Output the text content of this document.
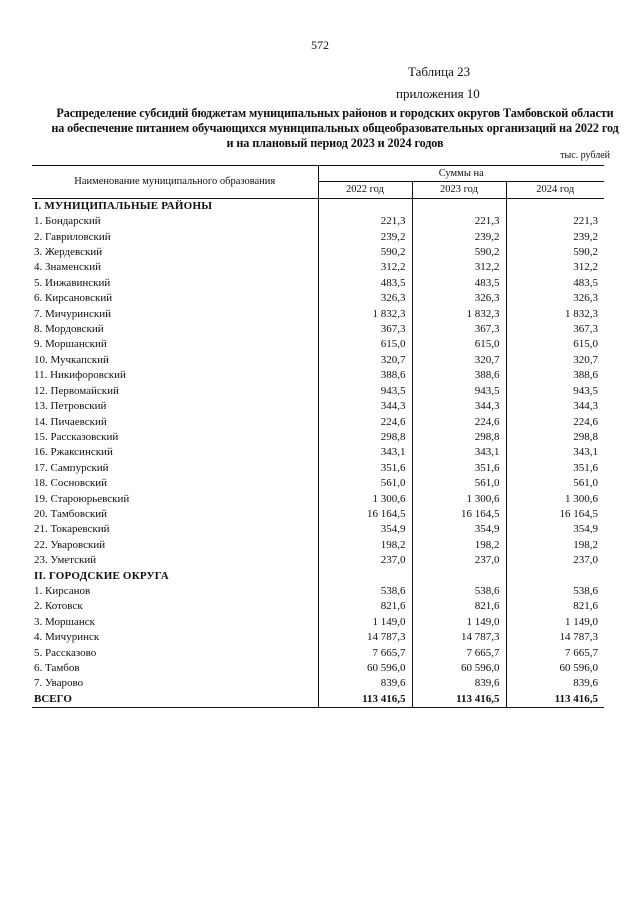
572
Таблица 23
приложения 10
Распределение субсидий бюджетам муниципальных районов и городских округов Тамбовской области на обеспечение питанием обучающихся муниципальных общеобразовательных организаций на 2022 год и на плановый период 2023 и 2024 годов
тыс. рублей
Наименование муниципального образования	Суммы на		
	2022 год	2023 год	2024 год
I. МУНИЦИПАЛЬНЫЕ РАЙОНЫ			
1. Бондарский	221,3	221,3	221,3
2. Гавриловский	239,2	239,2	239,2
3. Жердевский	590,2	590,2	590,2
4. Знаменский	312,2	312,2	312,2
5. Инжавинский	483,5	483,5	483,5
6. Кирсановский	326,3	326,3	326,3
7. Мичуринский	1 832,3	1 832,3	1 832,3
8. Мордовский	367,3	367,3	367,3
9. Моршанский	615,0	615,0	615,0
10. Мучкапский	320,7	320,7	320,7
11. Никифоровский	388,6	388,6	388,6
12. Первомайский	943,5	943,5	943,5
13. Петровский	344,3	344,3	344,3
14. Пичаевский	224,6	224,6	224,6
15. Рассказовский	298,8	298,8	298,8
16. Ржаксинский	343,1	343,1	343,1
17. Сампурский	351,6	351,6	351,6
18. Сосновский	561,0	561,0	561,0
19. Староюрьевский	1 300,6	1 300,6	1 300,6
20. Тамбовский	16 164,5	16 164,5	16 164,5
21. Токаревский	354,9	354,9	354,9
22. Уваровский	198,2	198,2	198,2
23. Уметский	237,0	237,0	237,0
II. ГОРОДСКИЕ ОКРУГА			
1. Кирсанов	538,6	538,6	538,6
2. Котовск	821,6	821,6	821,6
3. Моршанск	1 149,0	1 149,0	1 149,0
4. Мичуринск	14 787,3	14 787,3	14 787,3
5. Рассказово	7 665,7	7 665,7	7 665,7
6. Тамбов	60 596,0	60 596,0	60 596,0
7. Уварово	839,6	839,6	839,6
ВСЕГО	113 416,5	113 416,5	113 416,5
